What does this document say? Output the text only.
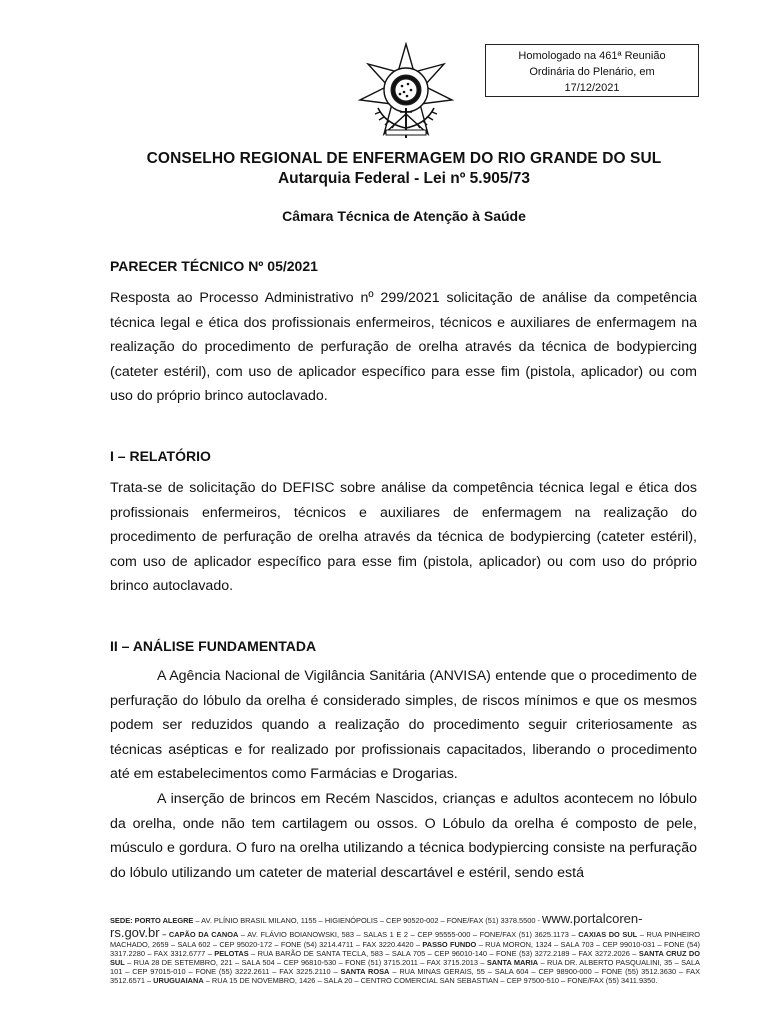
Homologado na 461ª Reunião
Ordinária do Plenário, em
17/12/2021
CONSELHO REGIONAL DE ENFERMAGEM DO RIO GRANDE DO SUL
Autarquia Federal - Lei nº 5.905/73
Câmara Técnica de Atenção à Saúde
PARECER TÉCNICO Nº 05/2021

Resposta ao Processo Administrativo nº 299/2021 solicitação de análise da competência técnica legal e ética dos profissionais enfermeiros, técnicos e auxiliares de enfermagem na realização do procedimento de perfuração de orelha através da técnica de bodypiercing (cateter estéril), com uso de aplicador específico para esse fim (pistola, aplicador) ou com uso do próprio brinco autoclavado.

I – RELATÓRIO

Trata-se de solicitação do DEFISC sobre análise da competência técnica legal e ética dos profissionais enfermeiros, técnicos e auxiliares de enfermagem na realização do procedimento de perfuração de orelha através da técnica de bodypiercing (cateter estéril), com uso de aplicador específico para esse fim (pistola, aplicador) ou com uso do próprio brinco autoclavado.

II – ANÁLISE FUNDAMENTADA

A Agência Nacional de Vigilância Sanitária (ANVISA) entende que o procedimento de perfuração do lóbulo da orelha é considerado simples, de riscos mínimos e que os mesmos podem ser reduzidos quando a realização do procedimento seguir criteriosamente as técnicas asépticas e for realizado por profissionais capacitados, liberando o procedimento até em estabelecimentos como Farmácias e Drogarias.

A inserção de brincos em Recém Nascidos, crianças e adultos acontecem no lóbulo da orelha, onde não tem cartilagem ou ossos. O Lóbulo da orelha é composto de pele, músculo e gordura. O furo na orelha utilizando a técnica bodypiercing consiste na perfuração do lóbulo utilizando um cateter de material descartável e estéril, sendo está

SEDE: PORTO ALEGRE – AV. PLÍNIO BRASIL MILANO, 1155 – HIGIENÓPOLIS – CEP 90520-002 – FONE/FAX (51) 3378.5500 - www.portalcoren-
rs.gov.br – CAPÃO DA CANOA – AV. FLÁVIO BOIANOWSKI, 583 – SALAS 1 E 2 – CEP 95555-000 – FONE/FAX (51) 3625.1173 – CAXIAS DO SUL – RUA PINHEIRO MACHADO, 2659 – SALA 602 – CEP 95020-172 – FONE (54) 3214.4711 – FAX 3220.4420 – PASSO FUNDO – RUA MORON, 1324 – SALA 703 – CEP 99010-031 – FONE (54) 3317.2280 – FAX 3312.6777 – PELOTAS – RUA BARÃO DE SANTA TECLA, 583 – SALA 705 – CEP 96010-140 – FONE (53) 3272.2189 – FAX 3272.2026 – SANTA CRUZ DO SUL – RUA 28 DE SETEMBRO, 221 – SALA 504 – CEP 96810-530 – FONE (51) 3715.2011 – FAX 3715.2013 – SANTA MARIA – RUA DR. ALBERTO PASQUALINI, 35 – SALA 101 – CEP 97015-010 – FONE (55) 3222.2611 – FAX 3225.2110 – SANTA ROSA – RUA MINAS GERAIS, 55 – SALA 604 – CEP 98900-000 – FONE (55) 3512.3630 – FAX 3512.6571 – URUGUAIANA – RUA 15 DE NOVEMBRO, 1426 – SALA 20 – CENTRO COMERCIAL SAN SEBASTIAN – CEP 97500-510 – FONE/FAX (55) 3411.9350.
